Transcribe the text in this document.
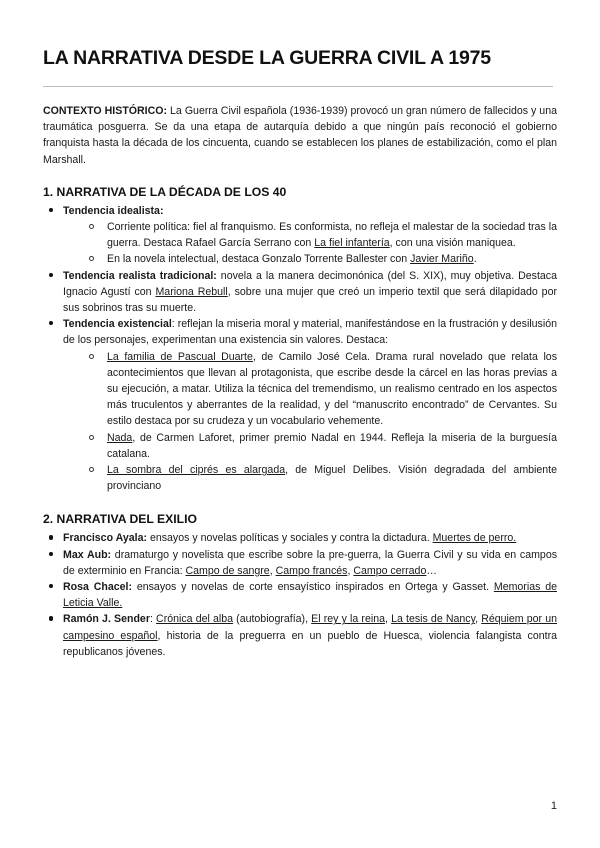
LA NARRATIVA DESDE LA GUERRA CIVIL A 1975

CONTEXTO HISTÓRICO: La Guerra Civil española (1936-1939) provocó un gran número de fallecidos y una traumática posguerra. Se da una etapa de autarquía debido a que ningún país reconoció el gobierno franquista hasta la década de los cincuenta, cuando se establecen los planes de estabilización, como el plan Marshall.

1. NARRATIVA DE LA DÉCADA DE LOS 40
Tendencia idealista:
Corriente política: fiel al franquismo. Es conformista, no refleja el malestar de la sociedad tras la guerra. Destaca Rafael García Serrano con La fiel infantería, con una visión maniquea.
En la novela intelectual, destaca Gonzalo Torrente Ballester con Javier Mariño.
Tendencia realista tradicional: novela a la manera decimonónica (del S. XIX), muy objetiva. Destaca Ignacio Agustí con Mariona Rebull, sobre una mujer que creó un imperio textil que será dilapidado por sus sobrinos tras su muerte.
Tendencia existencial: reflejan la miseria moral y material, manifestándose en la frustración y desilusión de los personajes, experimentan una existencia sin valores. Destaca:
La familia de Pascual Duarte, de Camilo José Cela. Drama rural novelado que relata los acontecimientos que llevan al protagonista, que escribe desde la cárcel en las horas previas a su ejecución, a matar. Utiliza la técnica del tremendismo, un realismo centrado en los aspectos más truculentos y aberrantes de la realidad, y del “manuscrito encontrado” de Cervantes. Su estilo destaca por su crudeza y un vocabulario vehemente.
Nada, de Carmen Laforet, primer premio Nadal en 1944. Refleja la miseria de la burguesía catalana.
La sombra del ciprés es alargada, de Miguel Delibes. Visión degradada del ambiente provinciano
2. NARRATIVA DEL EXILIO
Francisco Ayala: ensayos y novelas políticas y sociales y contra la dictadura. Muertes de perro.
Max Aub: dramaturgo y novelista que escribe sobre la pre-guerra, la Guerra Civil y su vida en campos de exterminio en Francia: Campo de sangre, Campo francés, Campo cerrado…
Rosa Chacel: ensayos y novelas de corte ensayístico inspirados en Ortega y Gasset. Memorias de Leticia Valle.
Ramón J. Sender: Crónica del alba (autobiografía), El rey y la reina, La tesis de Nancy, Réquiem por un campesino español, historia de la preguerra en un pueblo de Huesca, violencia falangista contra republicanos jóvenes.
1
